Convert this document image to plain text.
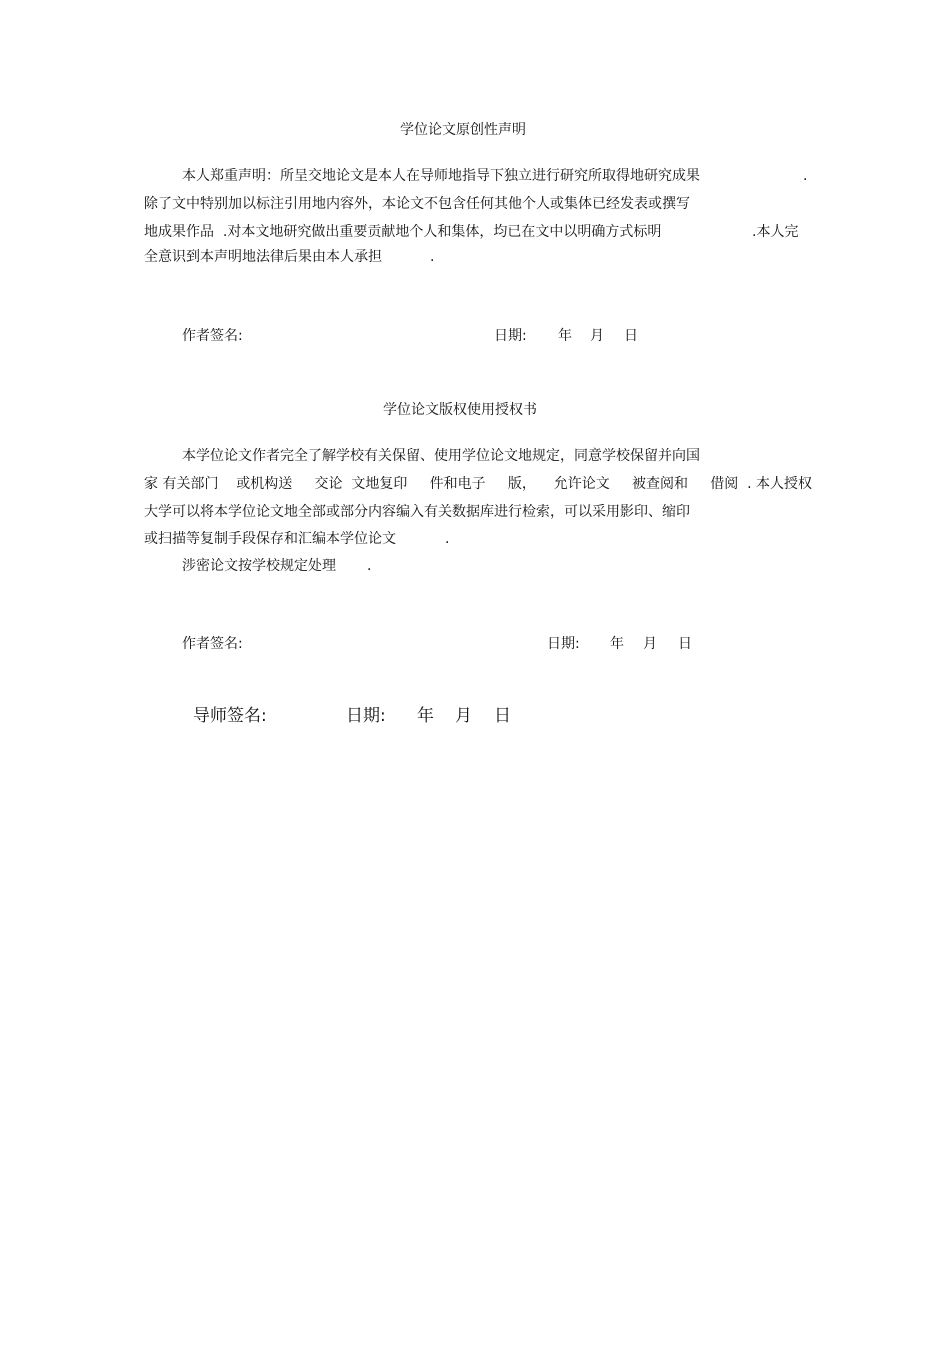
学位论文原创性声明
本人郑重声明：所呈交地论文是本人在导师地指导下独立进行研究所取得地研究成果	.
除了文中特别加以标注引用地内容外，本论文不包含任何其他个人或集体已经发表或撰写
地成果作品  .对本文地研究做出重要贡献地个人和集体，均已在文中以明确方式标明	.本人完
全意识到本声明地法律后果由本人承担	.
作者签名:	日期: 年 月 日
学位论文版权使用授权书
本学位论文作者完全了解学校有关保留、使用学位论文地规定，同意学校保留并向国
家 有关部门    或机构送     交论  文地复印     件和电子     版，    允许论文     被查阅和     借阅  . 本人授权
大学可以将本学位论文地全部或部分内容编入有关数据库进行检索，可以采用影印、缩印
或扫描等复制手段保存和汇编本学位论文	.
涉密论文按学校规定处理 .
作者签名:	日期: 年 月 日
导师签名:	日期: 年 月 日
